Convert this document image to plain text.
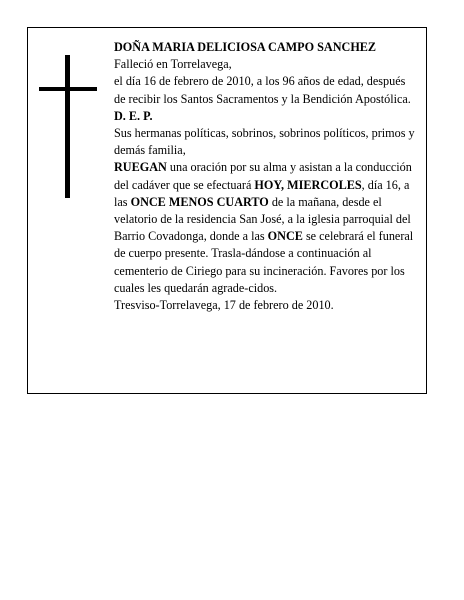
DOÑA MARIA DELICIOSA CAMPO SANCHEZ

Falleció en Torrelavega,

el día 16 de febrero de 2010, a los 96 años de edad, después de recibir los Santos Sacramentos y la Bendición Apostólica.

D. E. P.

Sus hermanas políticas, sobrinos, sobrinos políticos, primos y demás familia,

RUEGAN una oración por su alma y asistan a la conducción del cadáver que se efectuará HOY, MIERCOLES, día 16, a las ONCE MENOS CUARTO de la mañana, desde el velatorio de la residencia San José, a la iglesia parroquial del Barrio Covadonga, donde a las ONCE se celebrará el funeral de cuerpo presente. Trasla-dándose a continuación al cementerio de Ciriego para su incineración. Favores por los cuales les quedarán agrade-cidos.

Tresviso-Torrelavega, 17 de febrero de 2010.
